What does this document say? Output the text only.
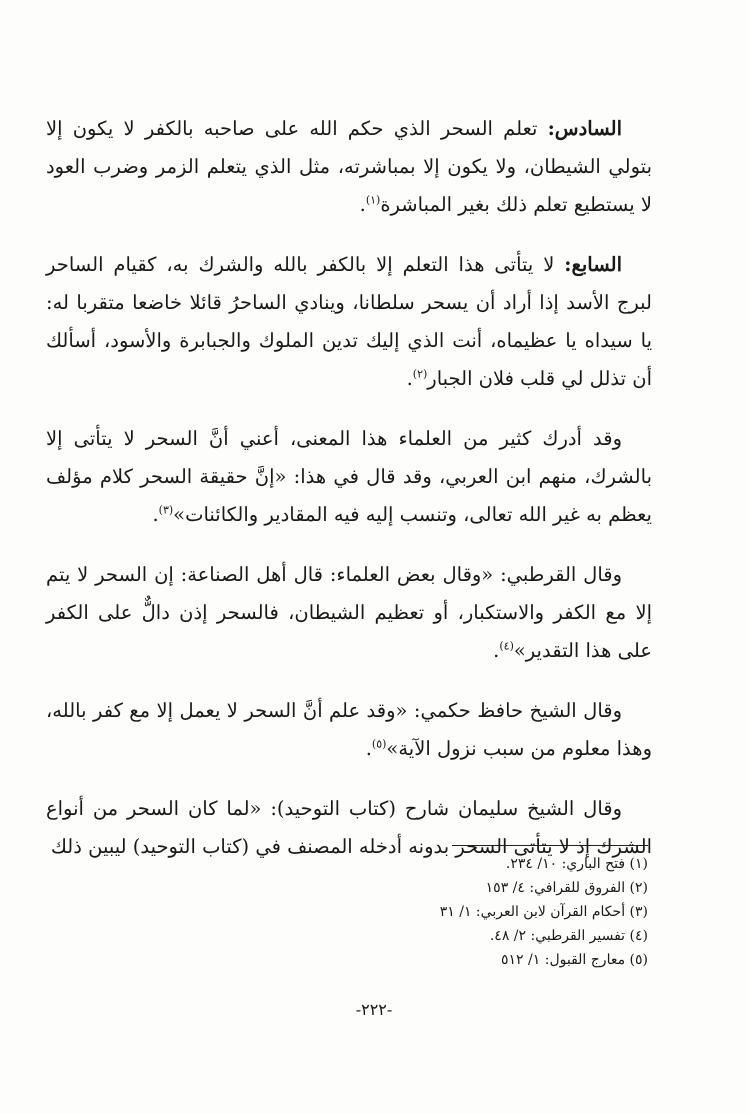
السادس: تعلم السحر الذي حكم الله على صاحبه بالكفر لا يكون إلا بتولي الشيطان، ولا يكون إلا بمباشرته، مثل الذي يتعلم الزمر وضرب العود لا يستطيع تعلم ذلك بغير المباشرة$^{(١)}$.

السابع: لا يتأتى هذا التعلم إلا بالكفر بالله والشرك به، كقيام الساحر لبرج الأسد إذا أراد أن يسحر سلطانا، وينادي الساحرُ قائلا خاضعا متقربا له: يا سيداه يا عظيماه، أنت الذي إليك تدين الملوك والجبابرة والأسود، أسألك أن تذلل لي قلب فلان الجبار$^{(٢)}$.

وقد أدرك كثير من العلماء هذا المعنى، أعني أنَّ السحر لا يتأتى إلا بالشرك، منهم ابن العربي، وقد قال في هذا: «إنَّ حقيقة السحر كلام مؤلف يعظم به غير الله تعالى، وتنسب إليه فيه المقادير والكائنات»$^{(٣)}$.

وقال القرطبي: «وقال بعض العلماء: قال أهل الصناعة: إن السحر لا يتم إلا مع الكفر والاستكبار، أو تعظيم الشيطان، فالسحر إذن دالٌّ على الكفر على هذا التقدير»$^{(٤)}$.

وقال الشيخ حافظ حكمي: «وقد علم أنَّ السحر لا يعمل إلا مع كفر بالله، وهذا معلوم من سبب نزول الآية»$^{(٥)}$.

وقال الشيخ سليمان شارح (كتاب التوحيد): «لما كان السحر من أنواع الشرك إذ لا يتأتى السحر بدونه أدخله المصنف في (كتاب التوحيد) ليبين ذلك

(١) فتح الباري: ١٠/ ٢٣٤.
(٢) الفروق للقرافي: ٤/ ١٥٣
(٣) أحكام القرآن لابن العربي: ١/ ٣١
(٤) تفسير القرطبي: ٢/ ٤٨.
(٥) معارج القبول: ١/ ٥١٢
-٢٢٢-
